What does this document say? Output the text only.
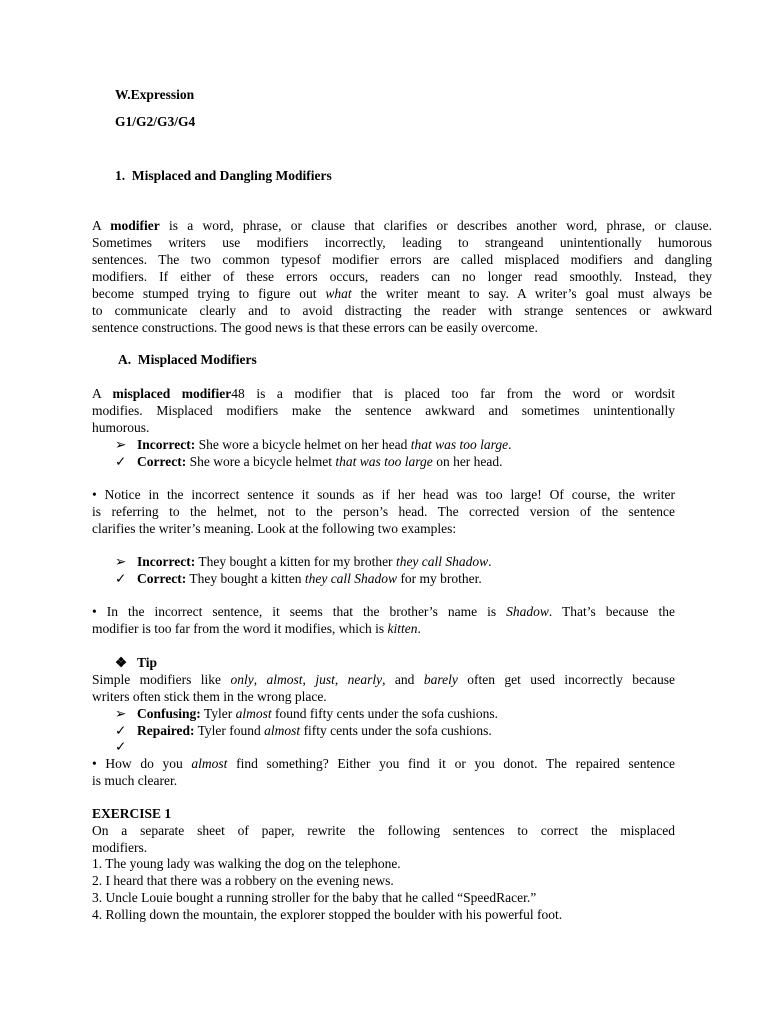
W.Expression
G1/G2/G3/G4
1. Misplaced and Dangling Modifiers
A modifier is a word, phrase, or clause that clarifies or describes another word, phrase, or clause.
Sometimes writers use modifiers incorrectly, leading to strangeand unintentionally humorous
sentences. The two common typesof modifier errors are called misplaced modifiers and dangling
modifiers. If either of these errors occurs, readers can no longer read smoothly. Instead, they
become stumped trying to figure out what the writer meant to say. A writer’s goal must always be
to communicate clearly and to avoid distracting the reader with strange sentences or awkward
sentence constructions. The good news is that these errors can be easily overcome.
A. Misplaced Modifiers
A misplaced modifier48 is a modifier that is placed too far from the word or wordsit
modifies. Misplaced modifiers make the sentence awkward and sometimes unintentionally
humorous.
➢ Incorrect: She wore a bicycle helmet on her head that was too large.
✓ Correct: She wore a bicycle helmet that was too large on her head.
• Notice in the incorrect sentence it sounds as if her head was too large! Of course, the writer
is referring to the helmet, not to the person’s head. The corrected version of the sentence
clarifies the writer’s meaning. Look at the following two examples:
➢ Incorrect: They bought a kitten for my brother they call Shadow.
✓ Correct: They bought a kitten they call Shadow for my brother.
• In the incorrect sentence, it seems that the brother’s name is Shadow. That’s because the
modifier is too far from the word it modifies, which is kitten.
❖ Tip
Simple modifiers like only, almost, just, nearly, and barely often get used incorrectly because
writers often stick them in the wrong place.
➢ Confusing: Tyler almost found fifty cents under the sofa cushions.
✓ Repaired: Tyler found almost fifty cents under the sofa cushions.
✓
• How do you almost find something? Either you find it or you donot. The repaired sentence
is much clearer.
EXERCISE 1
On a separate sheet of paper, rewrite the following sentences to correct the misplaced
modifiers.
1. The young lady was walking the dog on the telephone.
2. I heard that there was a robbery on the evening news.
3. Uncle Louie bought a running stroller for the baby that he called “SpeedRacer.”
4. Rolling down the mountain, the explorer stopped the boulder with his powerful foot.
